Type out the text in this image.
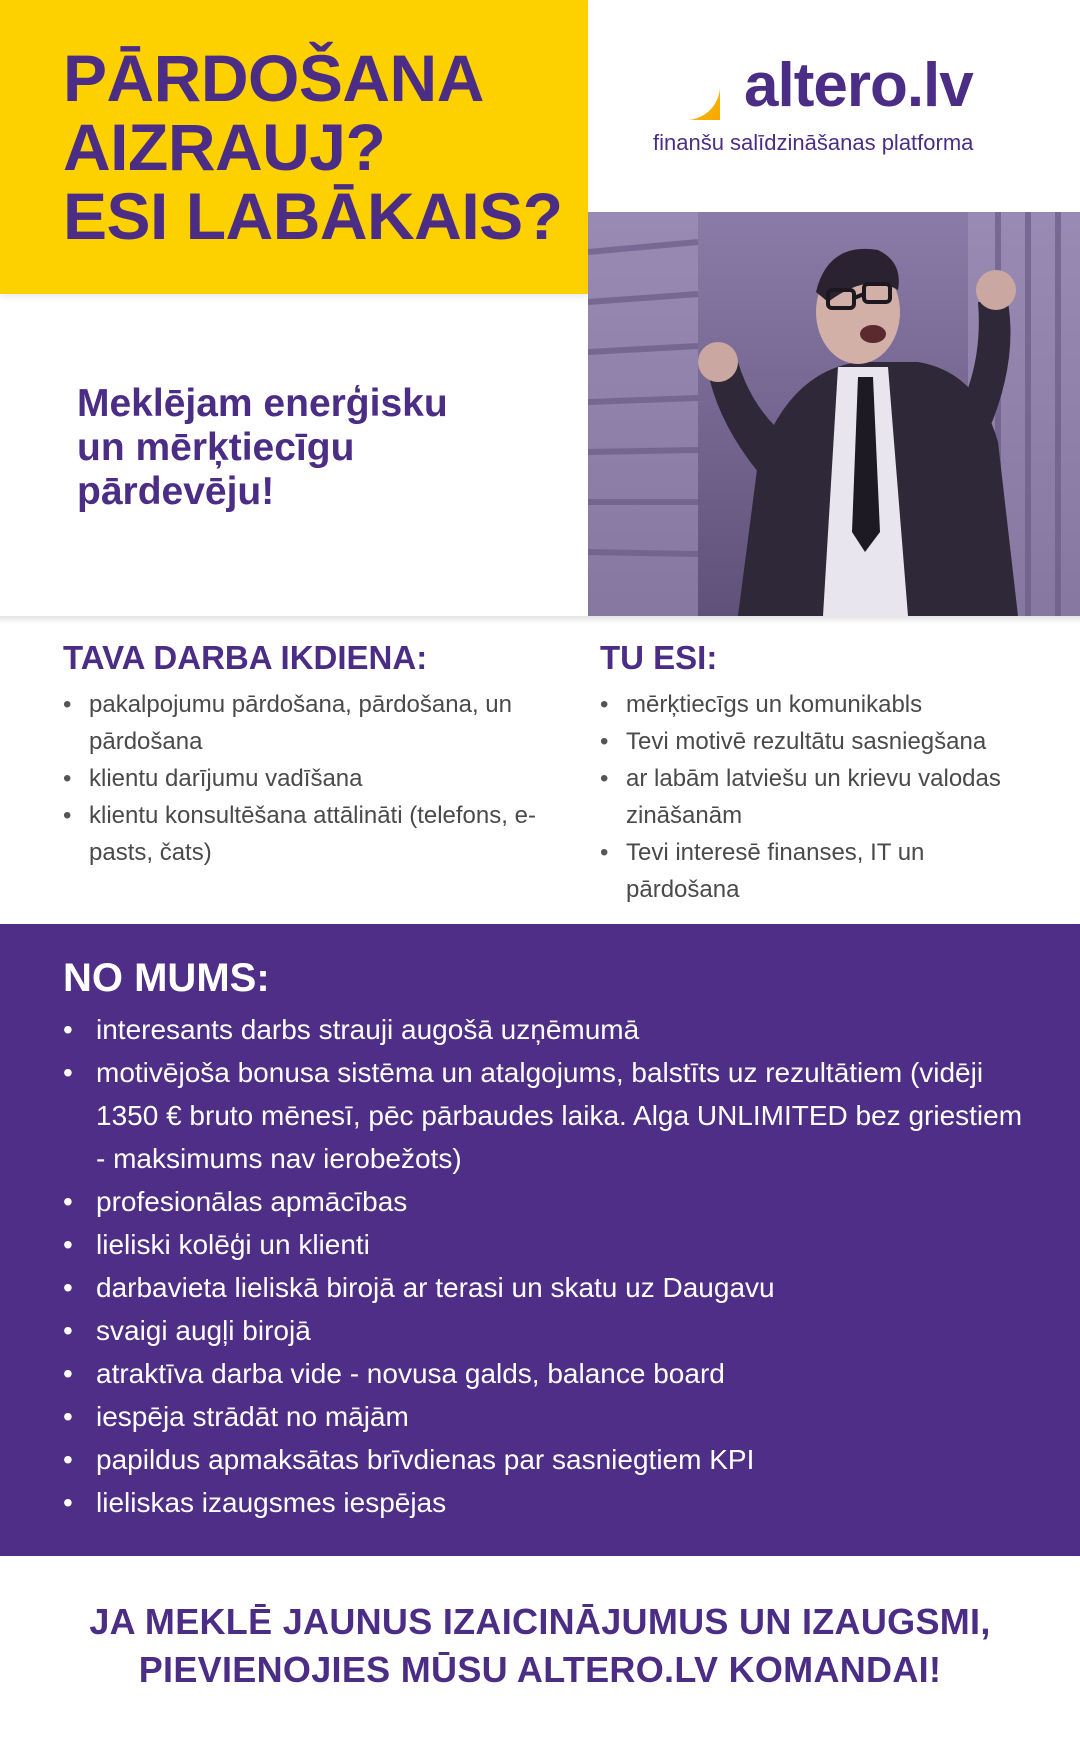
PĀRDOŠANA
AIZRAUJ?
ESI LABĀKAIS?
altero.lv
finanšu salīdzināšanas platforma
Meklējam enerģisku
un mērķtiecīgu
pārdevēju!
TAVA DARBA IKDIENA:
• pakalpojumu pārdošana, pārdošana, un pārdošana
• klientu darījumu vadīšana
• klientu konsultēšana attālināti (telefons, e-pasts, čats)
TU ESI:
• mērķtiecīgs un komunikabls
• Tevi motivē rezultātu sasniegšana
• ar labām latviešu un krievu valodas zināšanām
• Tevi interesē finanses, IT un pārdošana
NO MUMS:
• interesants darbs strauji augošā uzņēmumā
• motivējoša bonusa sistēma un atalgojums, balstīts uz rezultātiem (vidēji 1350 € bruto mēnesī, pēc pārbaudes laika. Alga UNLIMITED bez griestiem - maksimums nav ierobežots)
• profesionālas apmācības
• lieliski kolēģi un klienti
• darbavieta lieliskā birojā ar terasi un skatu uz Daugavu
• svaigi augļi birojā
• atraktīva darba vide - novusa galds, balance board
• iespēja strādāt no mājām
• papildus apmaksātas brīvdienas par sasniegtiem KPI
• lieliskas izaugsmes iespējas

JA MEKLĒ JAUNUS IZAICINĀJUMUS UN IZAUGSMI,
PIEVIENOJIES MŪSU ALTERO.LV KOMANDAI!
